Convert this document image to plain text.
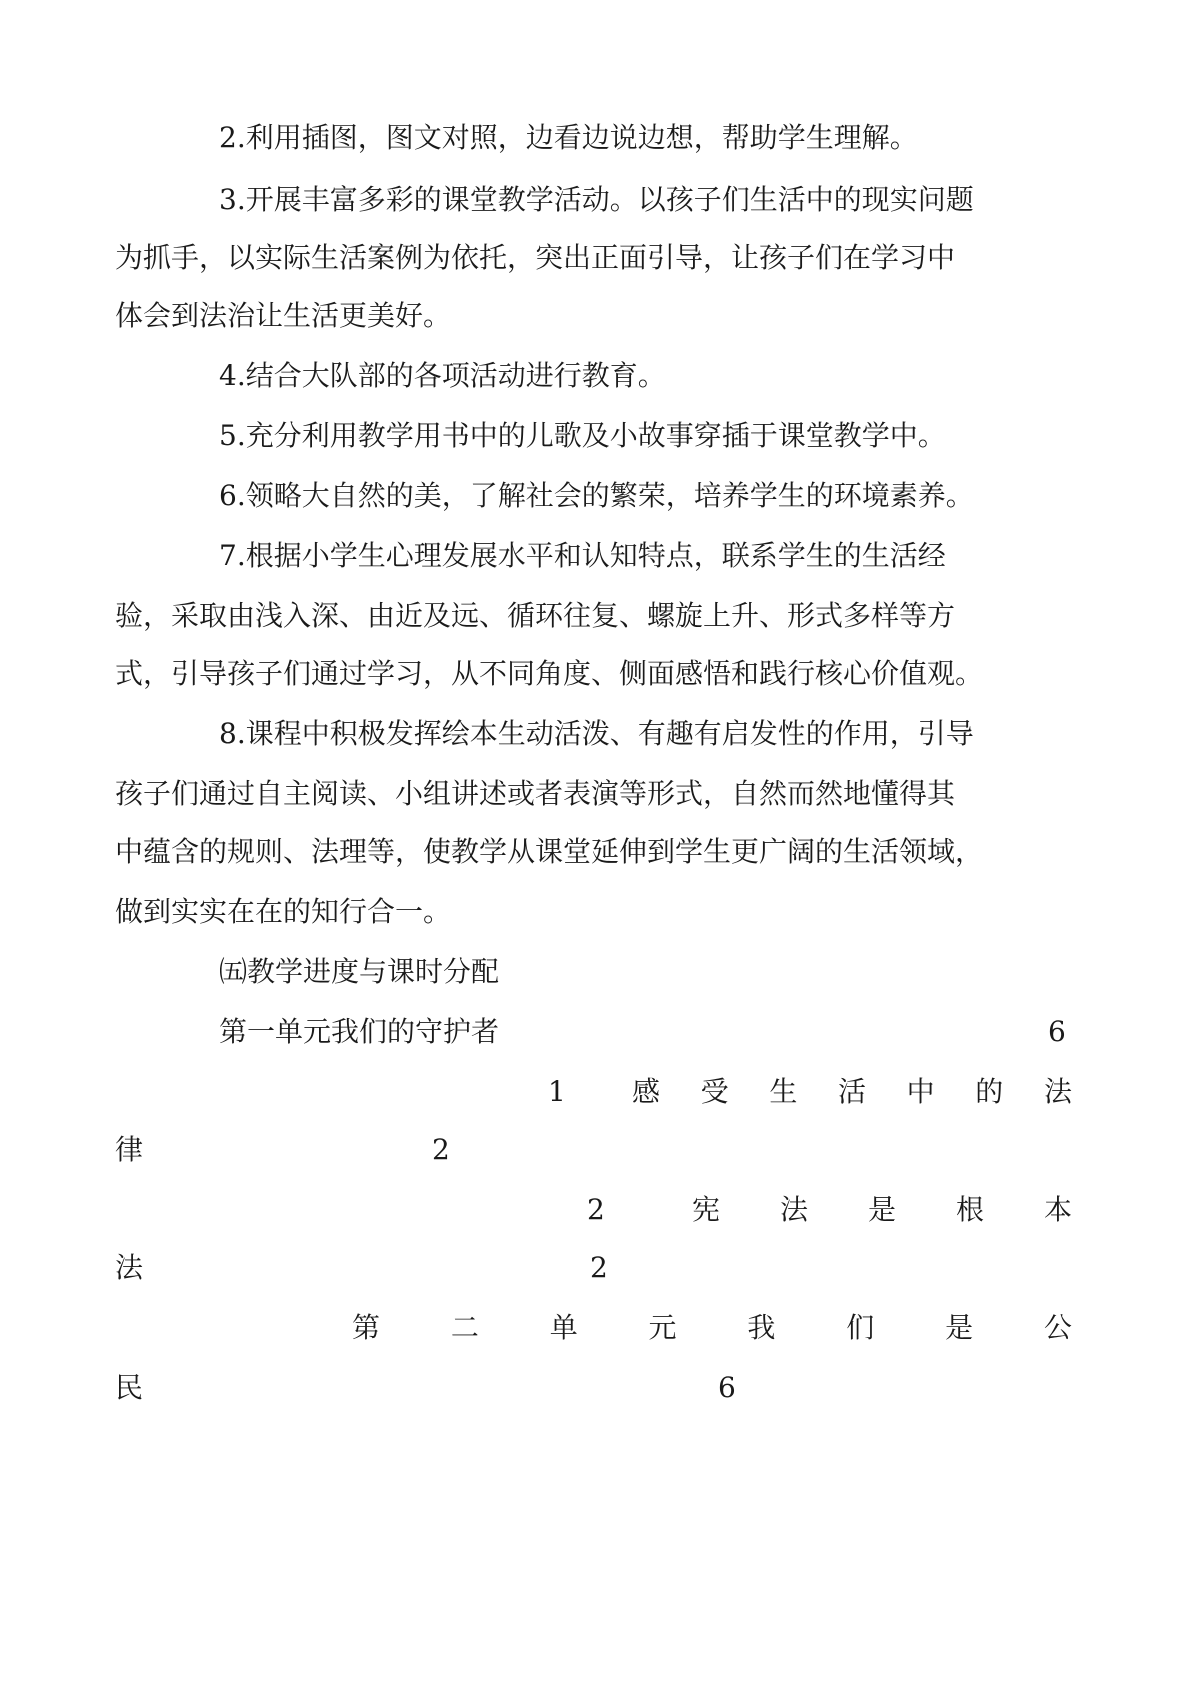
2.利用插图，图文对照，边看边说边想，帮助学生理解。
3.开展丰富多彩的课堂教学活动。以孩子们生活中的现实问题
为抓手，以实际生活案例为依托，突出正面引导，让孩子们在学习中
体会到法治让生活更美好。
4.结合大队部的各项活动进行教育。
5.充分利用教学用书中的儿歌及小故事穿插于课堂教学中。
6.领略大自然的美，了解社会的繁荣，培养学生的环境素养。
7.根据小学生心理发展水平和认知特点，联系学生的生活经
验，采取由浅入深、由近及远、循环往复、螺旋上升、形式多样等方
式，引导孩子们通过学习，从不同角度、侧面感悟和践行核心价值观。
8.课程中积极发挥绘本生动活泼、有趣有启发性的作用，引导
孩子们通过自主阅读、小组讲述或者表演等形式，自然而然地懂得其
中蕴含的规则、法理等，使教学从课堂延伸到学生更广阔的生活领域，
做到实实在在的知行合一。
㈤教学进度与课时分配
第一单元我们的守护者	6
1 感 受 生 活 中 的 法
律	2
2	宪 法 是 根 本
法	2
第	二	单	元	我	们	是	公
民	6
